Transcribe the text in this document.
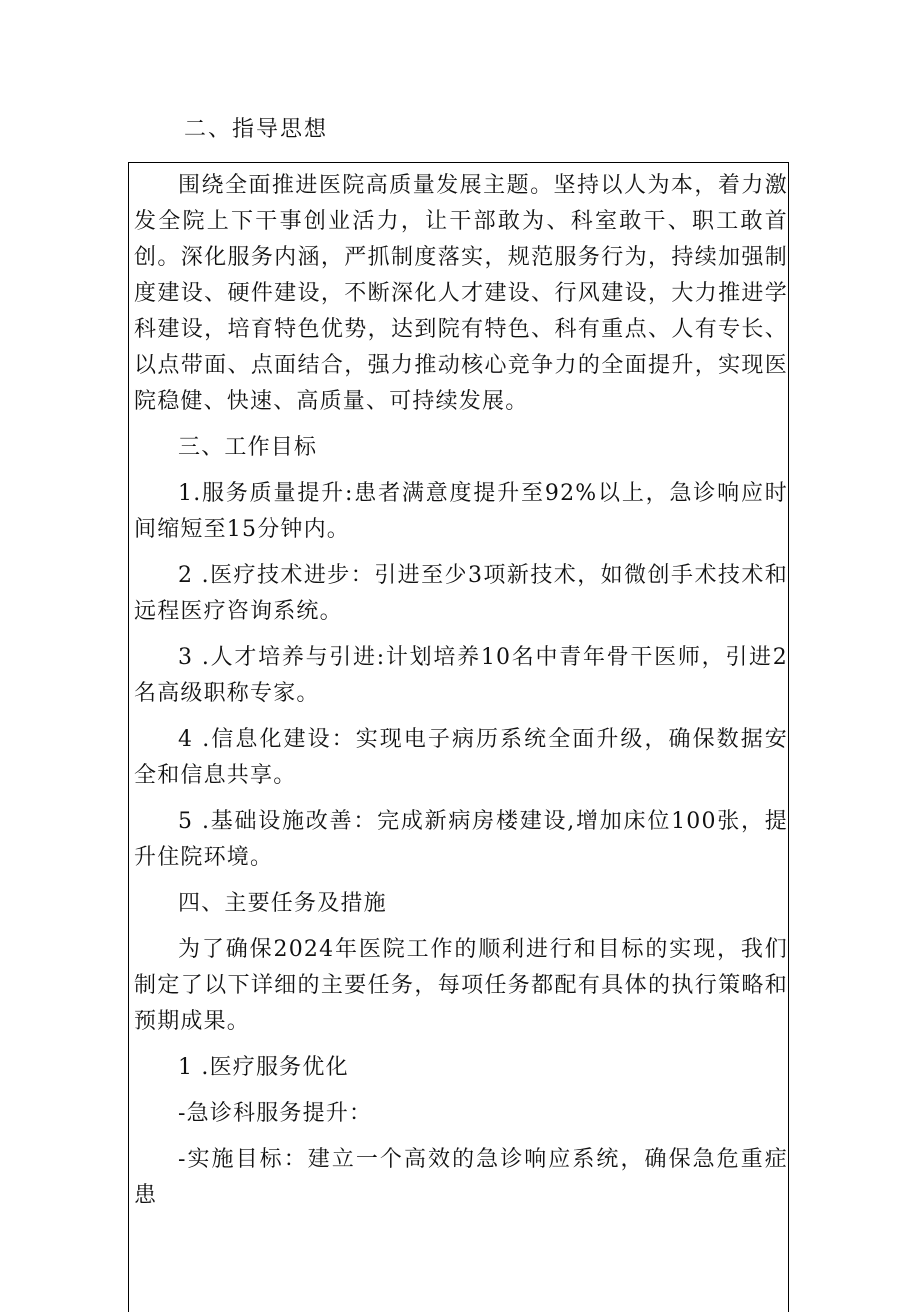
二、指导思想

围绕全面推进医院高质量发展主题。坚持以人为本，着力激发全院上下干事创业活力，让干部敢为、科室敢干、职工敢首创。深化服务内涵，严抓制度落实，规范服务行为，持续加强制度建设、硬件建设，不断深化人才建设、行风建设，大力推进学科建设，培育特色优势，达到院有特色、科有重点、人有专长、以点带面、点面结合，强力推动核心竞争力的全面提升，实现医院稳健、快速、高质量、可持续发展。

三、工作目标

1.服务质量提升:患者满意度提升至92%以上，急诊响应时间缩短至15分钟内。

2 .医疗技术进步：引进至少3项新技术，如微创手术技术和远程医疗咨询系统。

3 .人才培养与引进:计划培养10名中青年骨干医师，引进2名高级职称专家。

4 .信息化建设：实现电子病历系统全面升级，确保数据安全和信息共享。

5 .基础设施改善：完成新病房楼建设,增加床位100张，提升住院环境。

四、主要任务及措施

为了确保2024年医院工作的顺利进行和目标的实现，我们制定了以下详细的主要任务，每项任务都配有具体的执行策略和预期成果。

1 .医疗服务优化

-急诊科服务提升：

-实施目标：建立一个高效的急诊响应系统，确保急危重症患
